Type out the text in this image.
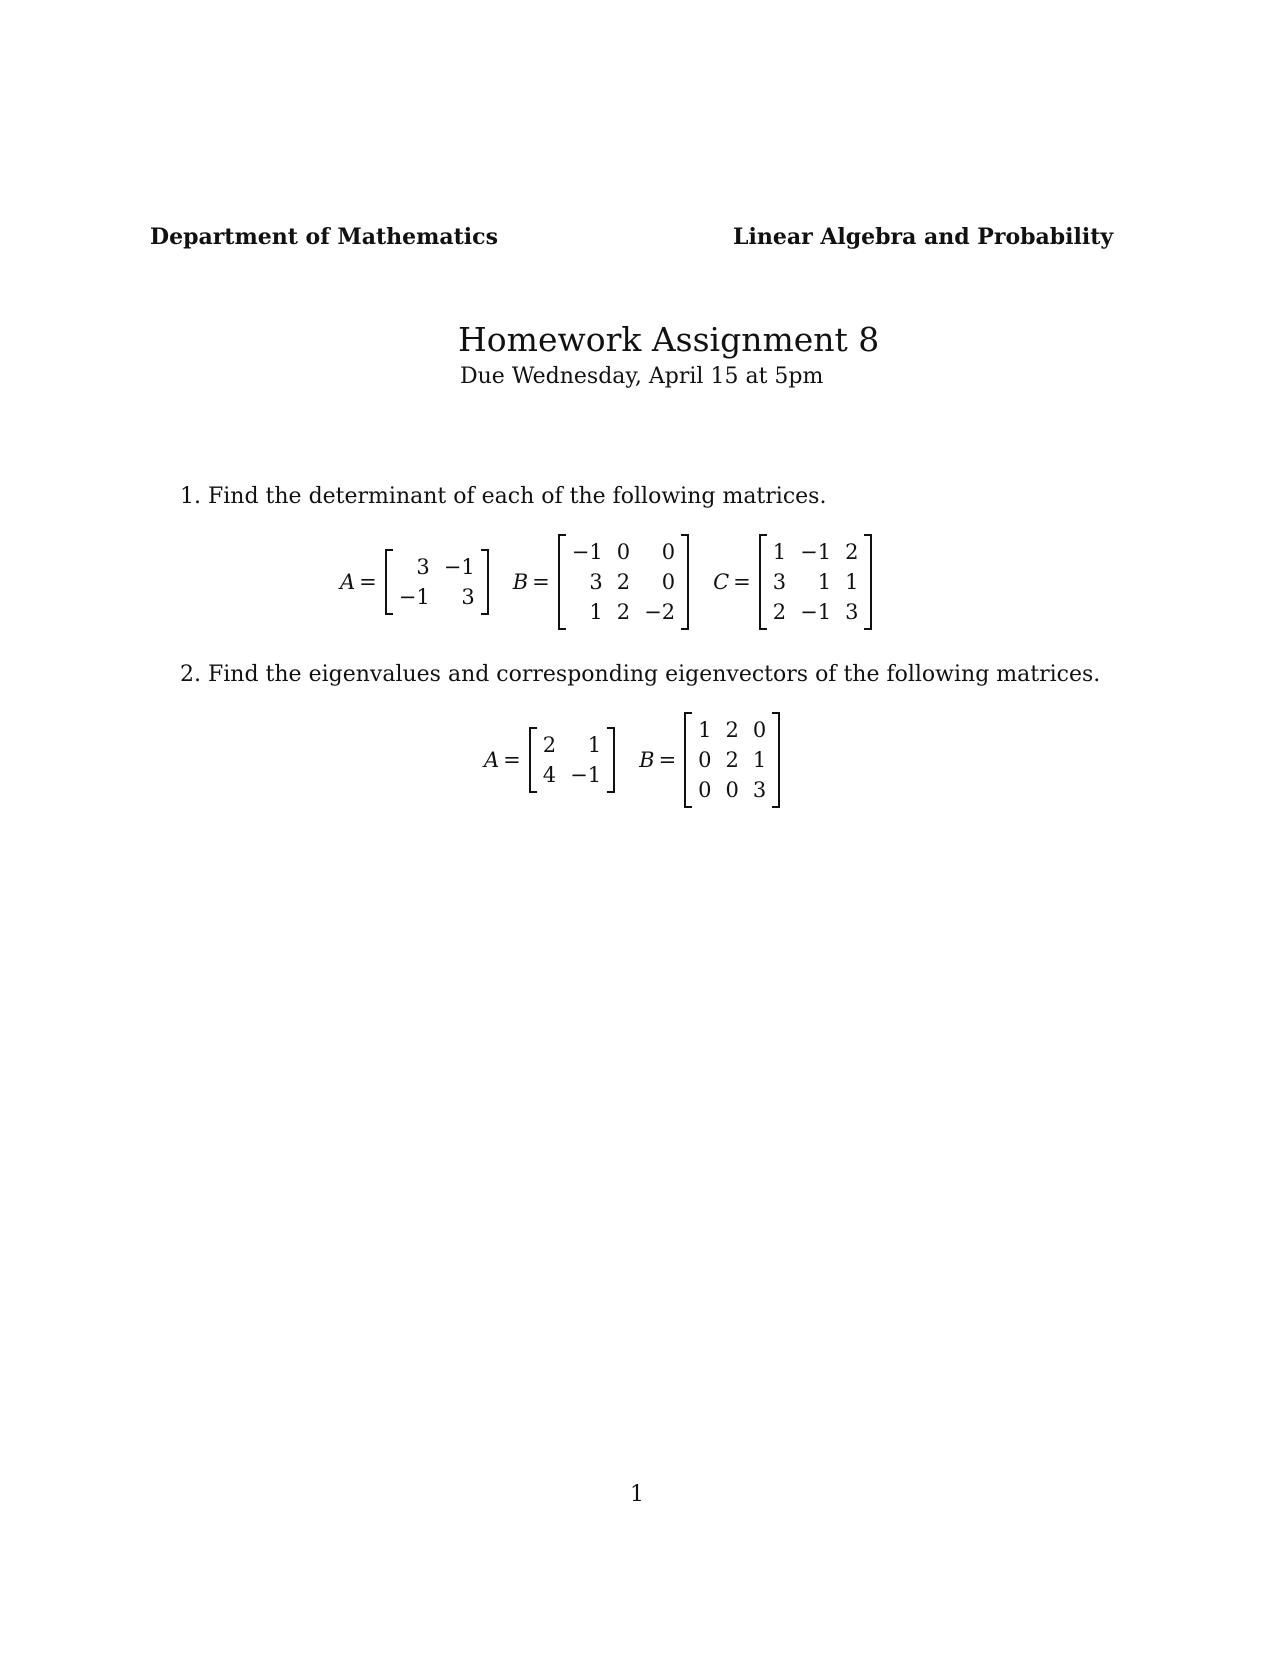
Department of Mathematics	Linear Algebra and Probability
Homework Assignment 8
Due Wednesday, April 15 at 5pm
1. Find the determinant of each of the following matrices.
A =
3 −1
−1	3
B =
−1 0	0
3 2	0
1 2 −2
C =
1 −1 2
3	1 1
2 −1 3
2. Find the eigenvalues and corresponding eigenvectors of the following matrices.
A =
2	1
4 −1
B =
1 2 0
0 2 1
0 0 3
1
